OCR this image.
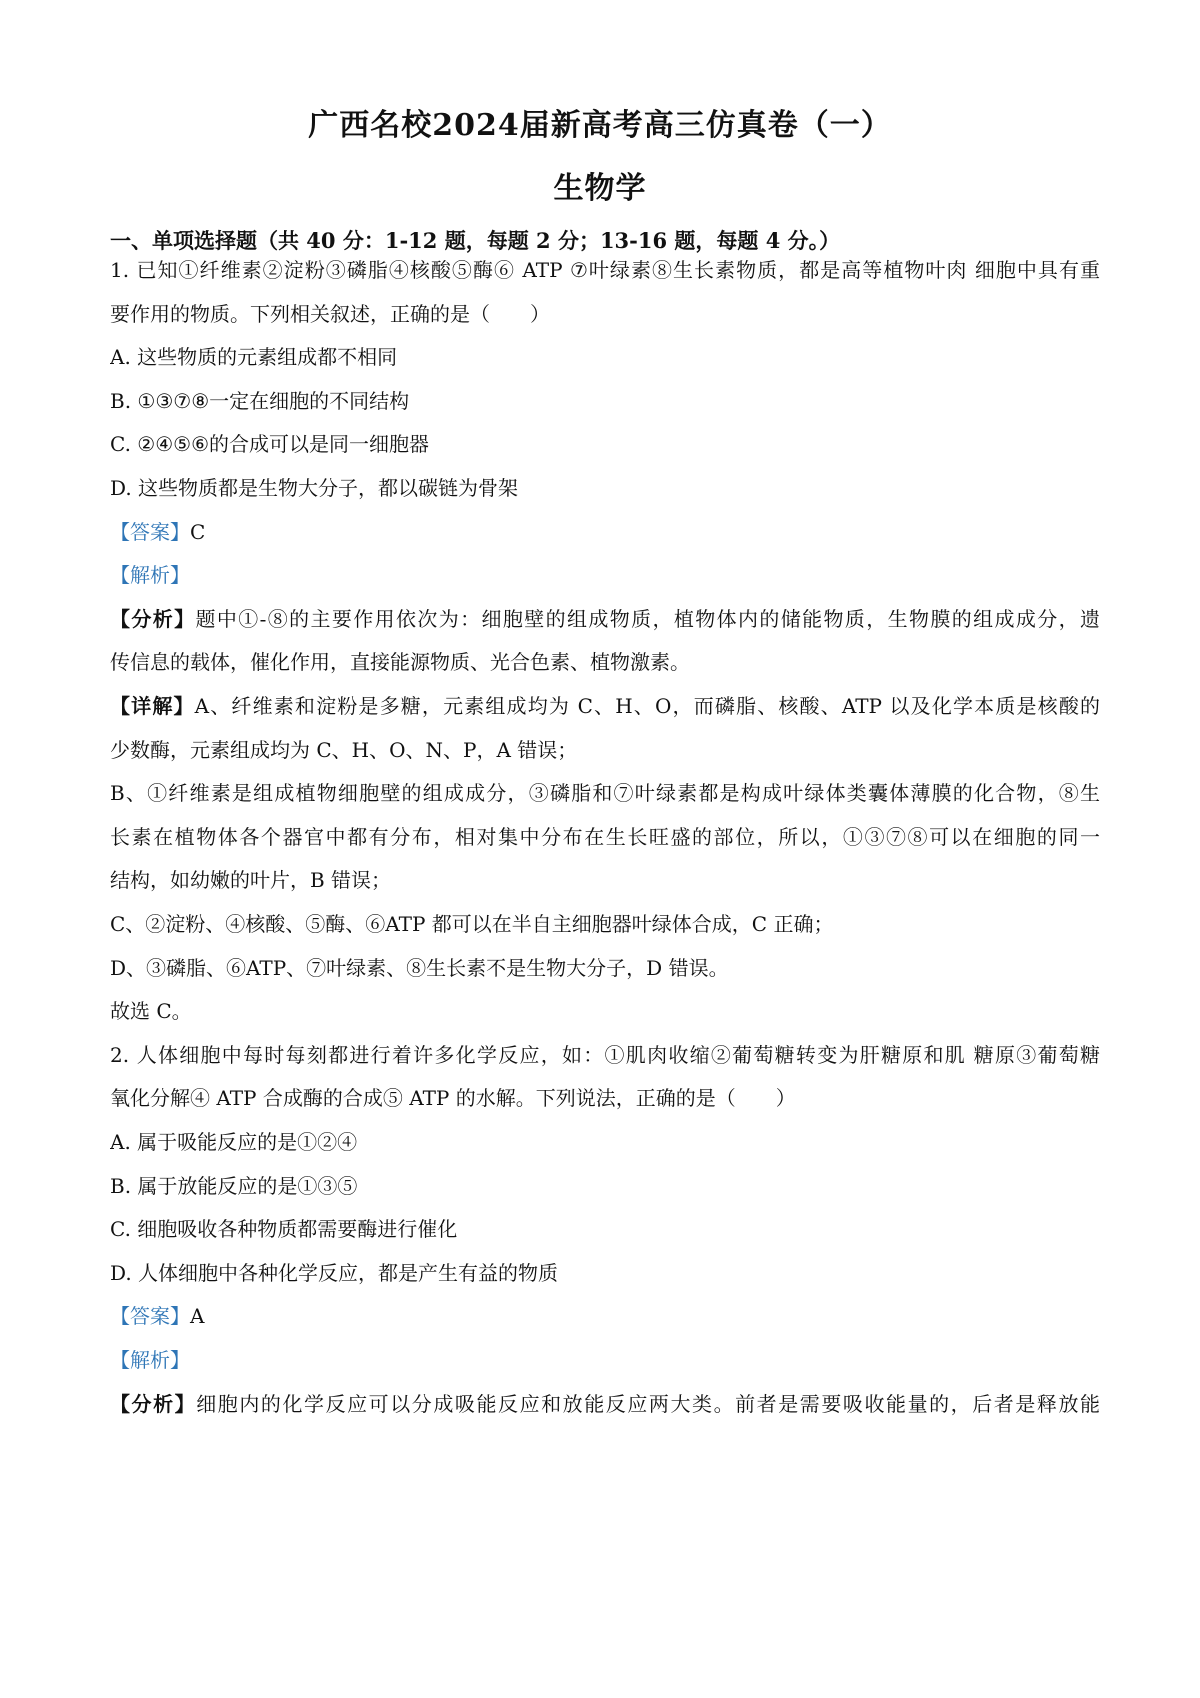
广西名校2024届新高考高三仿真卷（一）
生物学
一、单项选择题（共 40 分：1-12 题，每题 2 分；13-16 题，每题 4 分。）
1. 已知①纤维素②淀粉③磷脂④核酸⑤酶⑥ ATP ⑦叶绿素⑧生长素物质，都是高等植物叶肉 细胞中具有重
要作用的物质。下列相关叙述，正确的是（　　）
A. 这些物质的元素组成都不相同
B. ①③⑦⑧一定在细胞的不同结构
C. ②④⑤⑥的合成可以是同一细胞器
D. 这些物质都是生物大分子，都以碳链为骨架
【答案】C
【解析】
【分析】题中①-⑧的主要作用依次为：细胞壁的组成物质，植物体内的储能物质，生物膜的组成成分，遗
传信息的载体，催化作用，直接能源物质、光合色素、植物激素。
【详解】A、纤维素和淀粉是多糖，元素组成均为 C、H、O，而磷脂、核酸、ATP 以及化学本质是核酸的
少数酶，元素组成均为 C、H、O、N、P，A 错误；
B、①纤维素是组成植物细胞壁的组成成分，③磷脂和⑦叶绿素都是构成叶绿体类囊体薄膜的化合物，⑧生
长素在植物体各个器官中都有分布，相对集中分布在生长旺盛的部位，所以，①③⑦⑧可以在细胞的同一
结构，如幼嫩的叶片，B 错误；
C、②淀粉、④核酸、⑤酶、⑥ATP 都可以在半自主细胞器叶绿体合成，C 正确；
D、③磷脂、⑥ATP、⑦叶绿素、⑧生长素不是生物大分子，D 错误。
故选 C。
2. 人体细胞中每时每刻都进行着许多化学反应，如：①肌肉收缩②葡萄糖转变为肝糖原和肌 糖原③葡萄糖
氧化分解④ ATP 合成酶的合成⑤ ATP 的水解。下列说法，正确的是（　　）
A. 属于吸能反应的是①②④
B. 属于放能反应的是①③⑤
C. 细胞吸收各种物质都需要酶进行催化
D. 人体细胞中各种化学反应，都是产生有益的物质
【答案】A
【解析】
【分析】细胞内的化学反应可以分成吸能反应和放能反应两大类。前者是需要吸收能量的，后者是释放能
